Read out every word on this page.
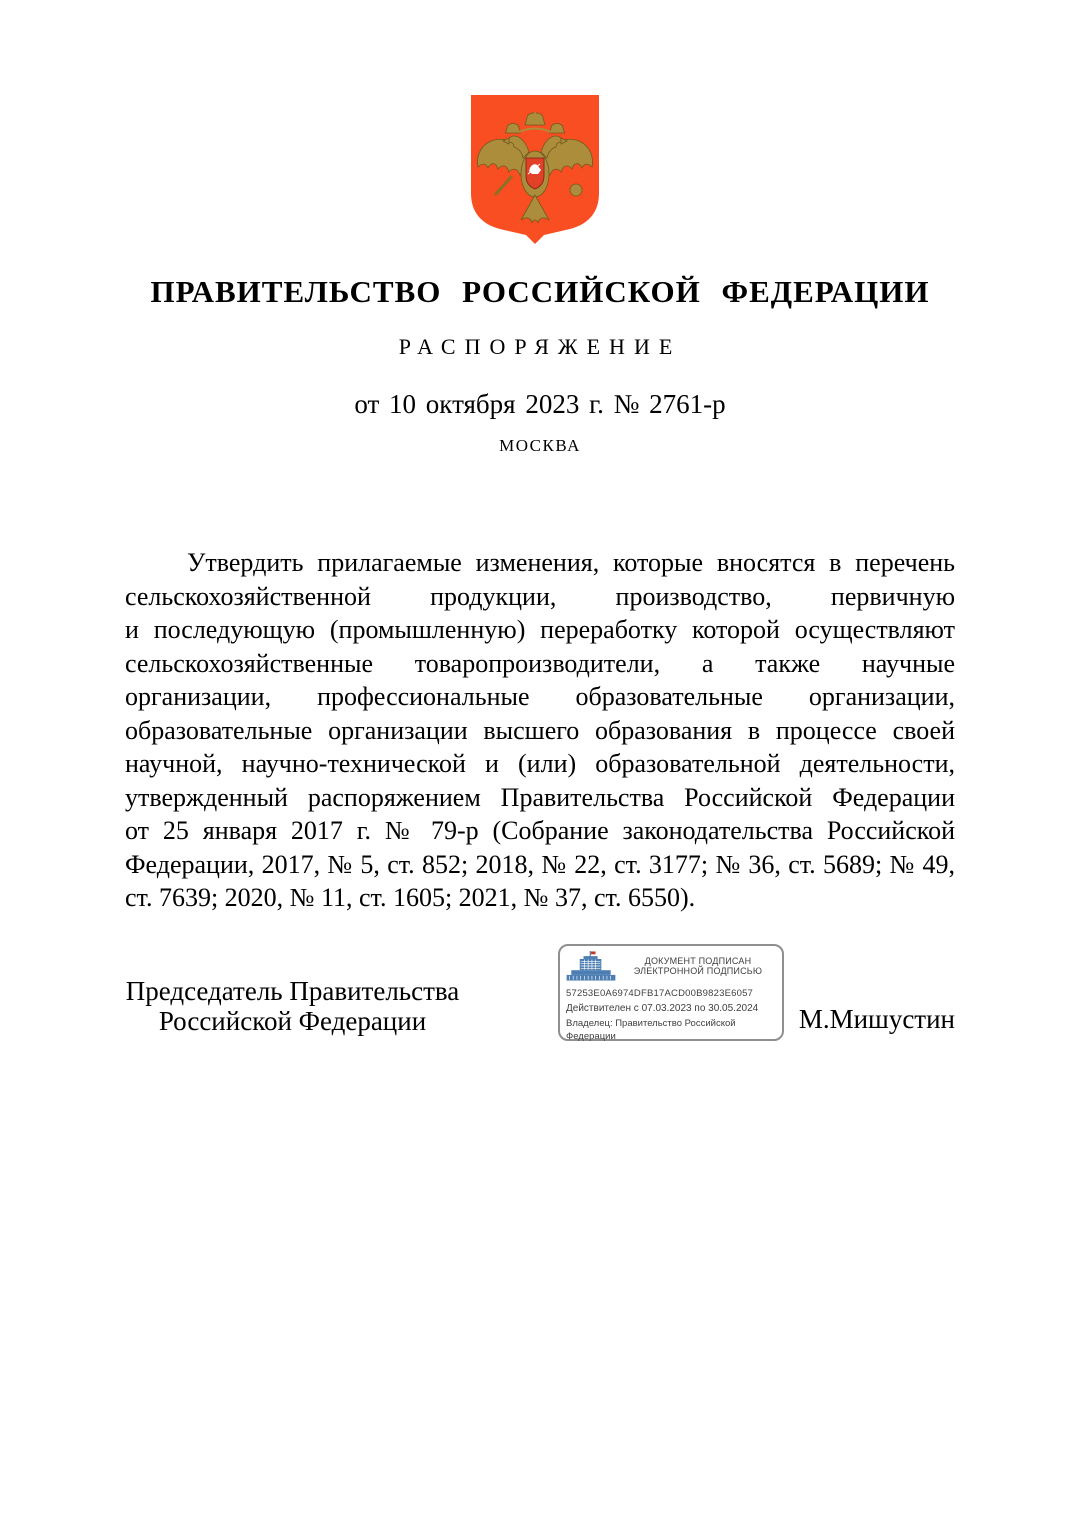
ПРАВИТЕЛЬСТВО РОССИЙСКОЙ ФЕДЕРАЦИИ
РАСПОРЯЖЕНИЕ
от 10 октября 2023 г. № 2761-р
МОСКВА
Утвердить прилагаемые изменения, которые вносятся в перечень
сельскохозяйственной продукции, производство, первичную
и последующую (промышленную) переработку которой осуществляют
сельскохозяйственные товаропроизводители, а также научные
организации, профессиональные образовательные организации,
образовательные организации высшего образования в процессе своей
научной, научно-технической и (или) образовательной деятельности,
утвержденный распоряжением Правительства Российской Федерации
от 25 января 2017 г. № 79-р (Собрание законодательства Российской
Федерации, 2017, № 5, ст. 852; 2018, № 22, ст. 3177; № 36, ст. 5689; № 49,
ст. 7639; 2020, № 11, ст. 1605; 2021, № 37, ст. 6550).
Председатель Правительства
Российской Федерации
ДОКУМЕНТ ПОДПИСАН
ЭЛЕКТРОННОЙ ПОДПИСЬЮ
57253E0A6974DFB17ACD00B9823E6057
Действителен с 07.03.2023 по 30.05.2024
Владелец: Правительство Российской Федерации
М.Мишустин
